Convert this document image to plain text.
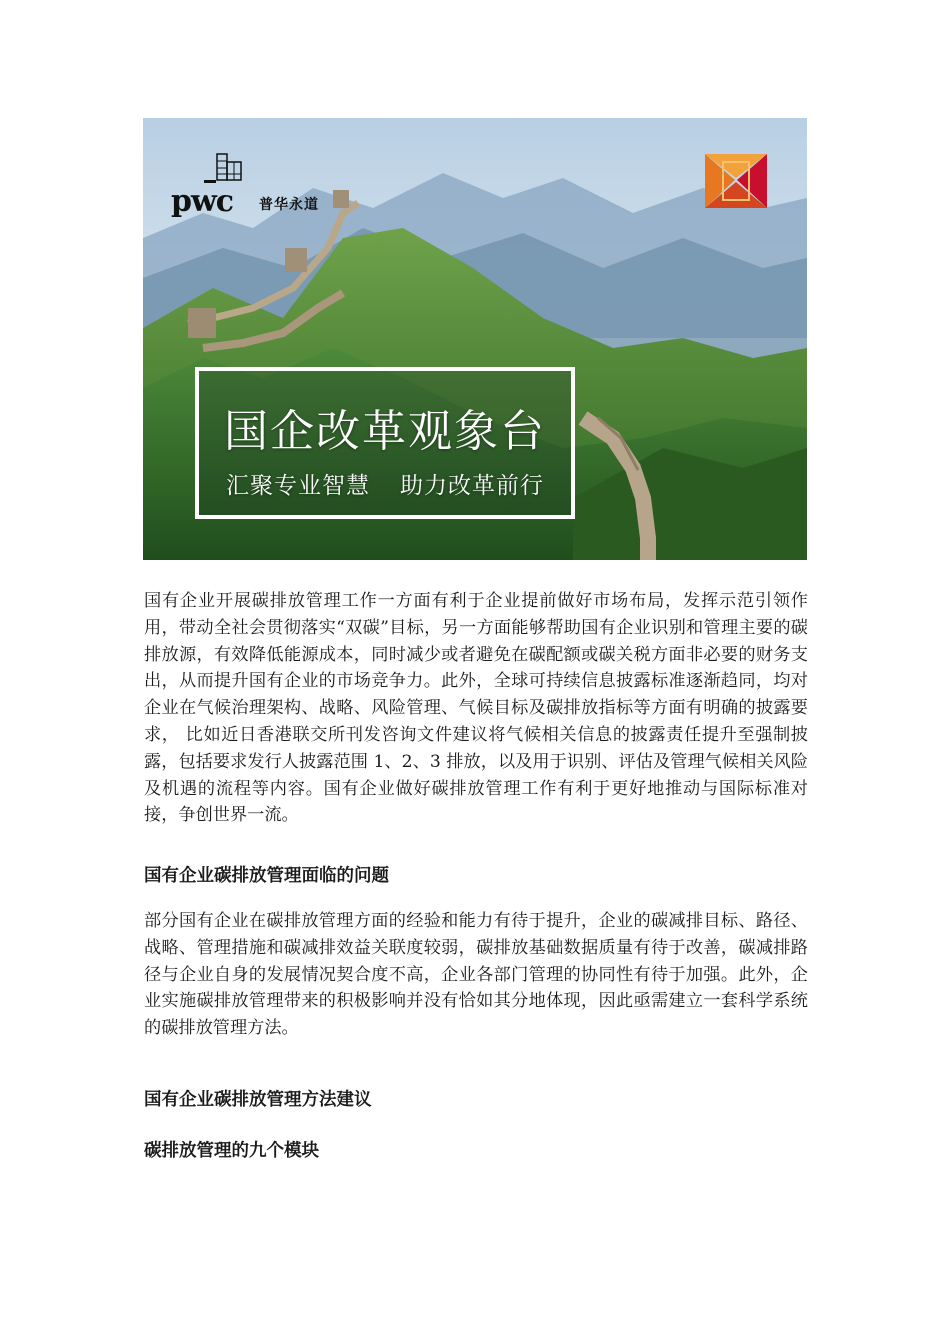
pwc 普华永道
国企改革观象台
汇聚专业智慧 助力改革前行

国有企业开展碳排放管理工作一方面有利于企业提前做好市场布局，发挥示范引领作用，带动全社会贯彻落实“双碳”目标，另一方面能够帮助国有企业识别和管理主要的碳排放源，有效降低能源成本，同时减少或者避免在碳配额或碳关税方面非必要的财务支出，从而提升国有企业的市场竞争力。此外，全球可持续信息披露标准逐渐趋同，均对企业在气候治理架构、战略、风险管理、气候目标及碳排放指标等方面有明确的披露要求， 比如近日香港联交所刊发咨询文件建议将气候相关信息的披露责任提升至强制披露，包括要求发行人披露范围 1、2、3 排放，以及用于识别、评估及管理气候相关风险及机遇的流程等内容。国有企业做好碳排放管理工作有利于更好地推动与国际标准对接，争创世界一流。

国有企业碳排放管理面临的问题

部分国有企业在碳排放管理方面的经验和能力有待于提升，企业的碳减排目标、路径、战略、管理措施和碳减排效益关联度较弱，碳排放基础数据质量有待于改善，碳减排路径与企业自身的发展情况契合度不高，企业各部门管理的协同性有待于加强。此外，企业实施碳排放管理带来的积极影响并没有恰如其分地体现，因此亟需建立一套科学系统的碳排放管理方法。

国有企业碳排放管理方法建议
碳排放管理的九个模块
